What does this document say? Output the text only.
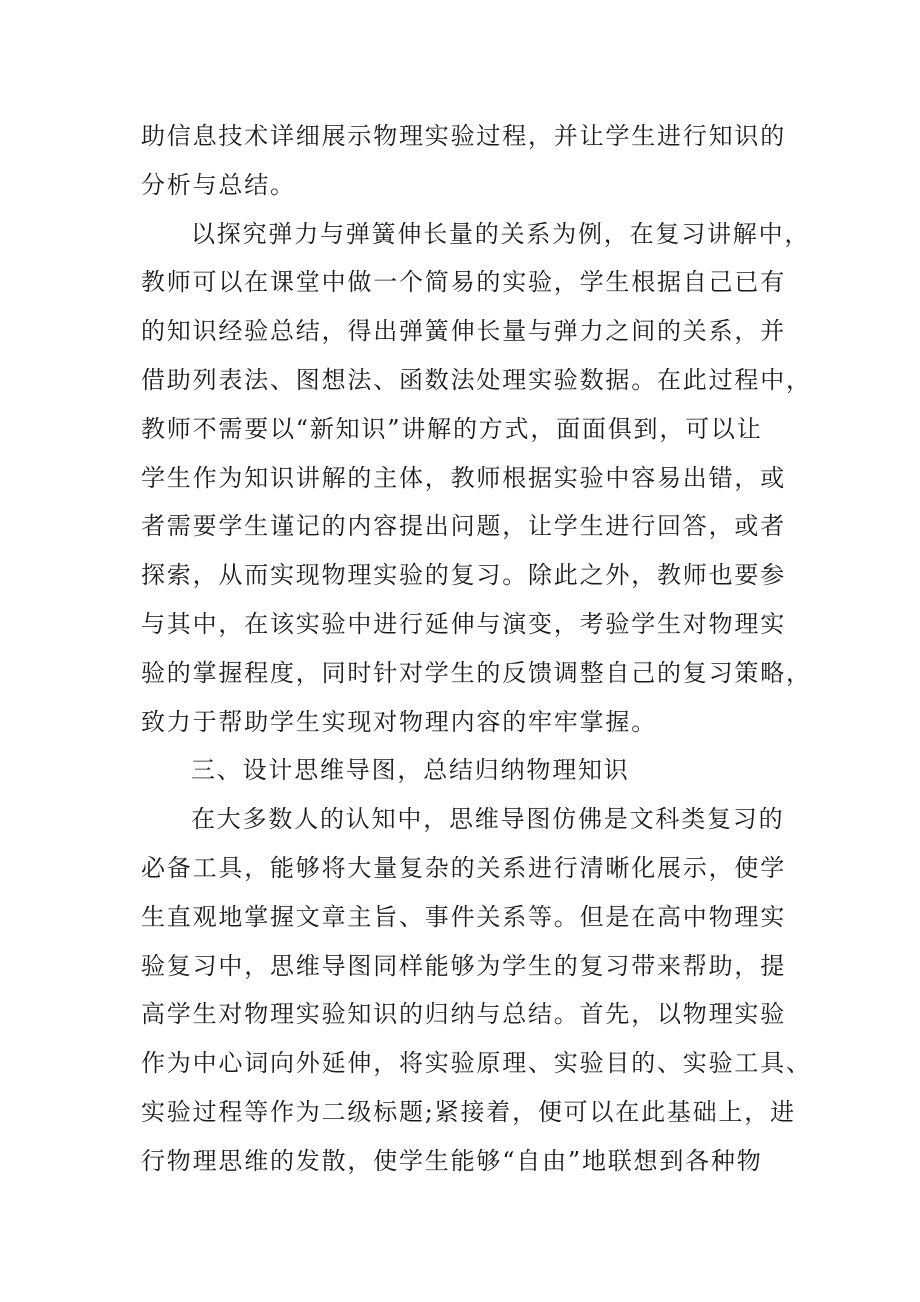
助信息技术详细展示物理实验过程，并让学生进行知识的
分析与总结。
以探究弹力与弹簧伸长量的关系为例，在复习讲解中，
教师可以在课堂中做一个简易的实验，学生根据自己已有
的知识经验总结，得出弹簧伸长量与弹力之间的关系，并
借助列表法、图想法、函数法处理实验数据。在此过程中，
教师不需要以“新知识”讲解的方式，面面俱到，可以让
学生作为知识讲解的主体，教师根据实验中容易出错，或
者需要学生谨记的内容提出问题，让学生进行回答，或者
探索，从而实现物理实验的复习。除此之外，教师也要参
与其中，在该实验中进行延伸与演变，考验学生对物理实
验的掌握程度，同时针对学生的反馈调整自己的复习策略，
致力于帮助学生实现对物理内容的牢牢掌握。
三、设计思维导图，总结归纳物理知识
在大多数人的认知中，思维导图仿佛是文科类复习的
必备工具，能够将大量复杂的关系进行清晰化展示，使学
生直观地掌握文章主旨、事件关系等。但是在高中物理实
验复习中，思维导图同样能够为学生的复习带来帮助，提
高学生对物理实验知识的归纳与总结。首先，以物理实验
作为中心词向外延伸，将实验原理、实验目的、实验工具、
实验过程等作为二级标题;紧接着，便可以在此基础上，进
行物理思维的发散，使学生能够“自由”地联想到各种物
